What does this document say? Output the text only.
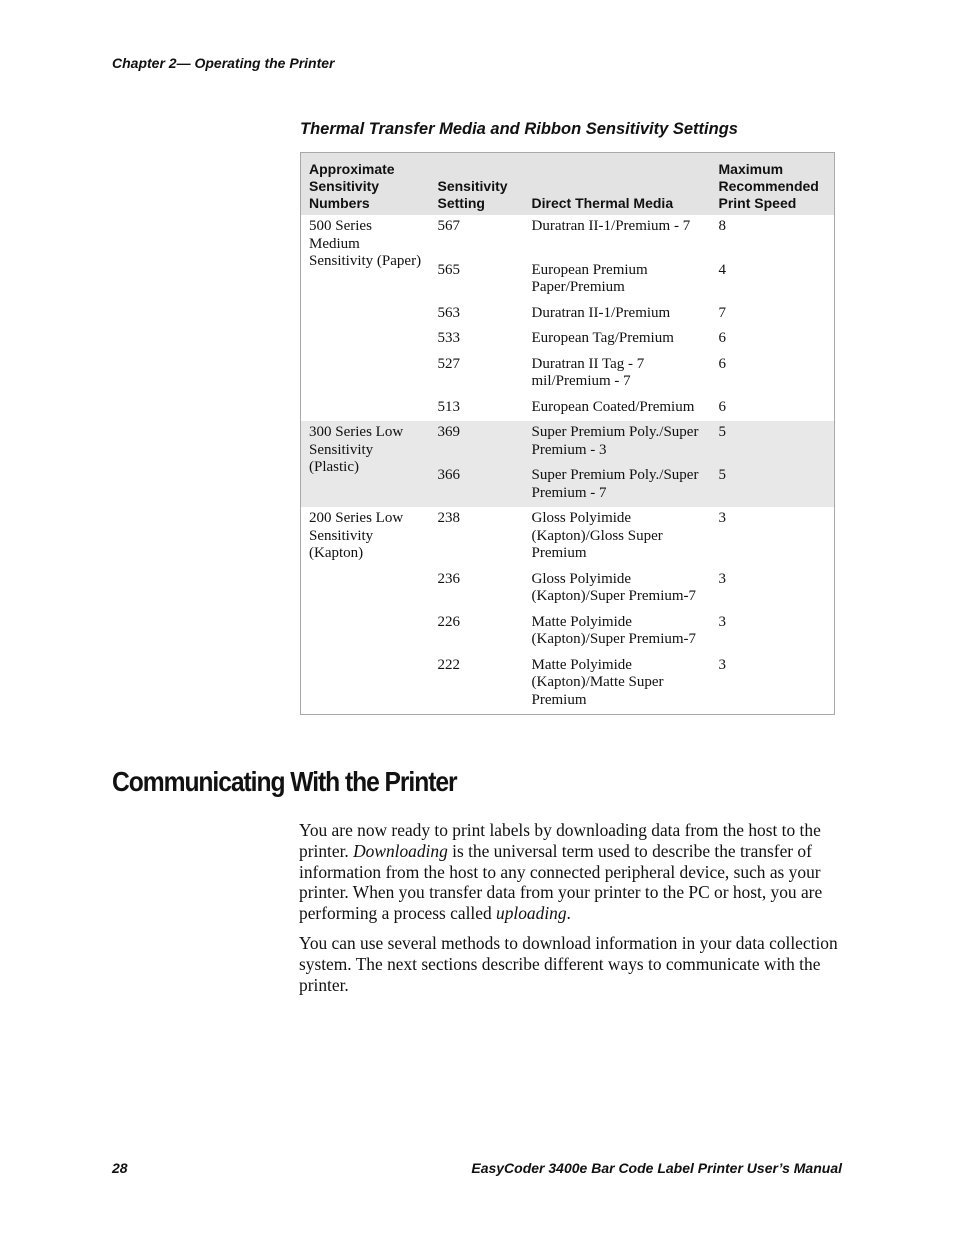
Chapter 2— Operating the Printer
Thermal Transfer Media and Ribbon Sensitivity Settings
Approximate Sensitivity Numbers	Sensitivity Setting	Direct Thermal Media	Maximum Recommended Print Speed
500 Series Medium Sensitivity (Paper)	567	Duratran II-1/Premium - 7	8
	565	European Premium Paper/Premium	4
	563	Duratran II-1/Premium	7
	533	European Tag/Premium	6
	527	Duratran II Tag - 7 mil/Premium - 7	6
	513	European Coated/Premium	6
300 Series Low Sensitivity (Plastic)	369	Super Premium Poly./Super Premium - 3	5
	366	Super Premium Poly./Super Premium - 7	5
200 Series Low Sensitivity (Kapton)	238	Gloss Polyimide (Kapton)/Gloss Super Premium	3
	236	Gloss Polyimide (Kapton)/Super Premium-7	3
	226	Matte Polyimide (Kapton)/Super Premium-7	3
	222	Matte Polyimide (Kapton)/Matte Super Premium	3
Communicating With the Printer

You are now ready to print labels by downloading data from the host to the printer. Downloading is the universal term used to describe the transfer of information from the host to any connected peripheral device, such as your printer. When you transfer data from your printer to the PC or host, you are performing a process called uploading.

You can use several methods to download information in your data collection system. The next sections describe different ways to communicate with the printer.

28	EasyCoder 3400e Bar Code Label Printer User’s Manual
